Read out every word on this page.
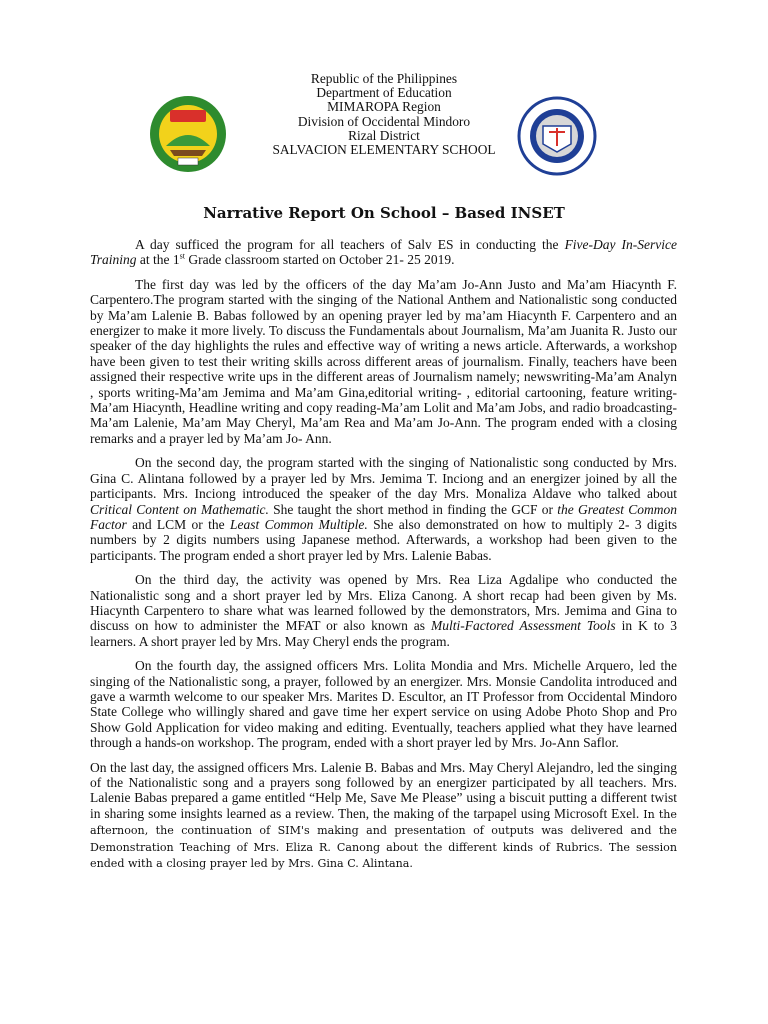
Republic of the Philippines
Department of Education
MIMAROPA Region
Division of Occidental Mindoro
Rizal District
SALVACION ELEMENTARY SCHOOL
Narrative Report On School – Based INSET

A day sufficed the program for all teachers of Salv ES in conducting the Five-Day In-Service Training at the 1st Grade classroom started on October 21- 25 2019.

The first day was led by the officers of the day Ma’am Jo-Ann Justo and Ma’am Hiacynth F. Carpentero.The program started with the singing of the National Anthem and Nationalistic song conducted by Ma’am Lalenie B. Babas followed by an opening prayer led by ma’am Hiacynth F. Carpentero and an energizer to make it more lively. To discuss the Fundamentals about Journalism, Ma’am Juanita R. Justo our speaker of the day highlights the rules and effective way of writing a news article. Afterwards, a workshop have been given to test their writing skills across different areas of journalism. Finally, teachers have been assigned their respective write ups in the different areas of Journalism namely; newswriting-Ma’am Analyn , sports writing-Ma’am Jemima and Ma’am Gina,editorial writing- , editorial cartooning, feature writing- Ma’am Hiacynth, Headline writing and copy reading-Ma’am Lolit and Ma’am Jobs, and radio broadcasting-Ma’am Lalenie, Ma’am May Cheryl, Ma’am Rea and Ma’am Jo-Ann. The program ended with a closing remarks and a prayer led by Ma’am Jo- Ann.

On the second day, the program started with the singing of Nationalistic song conducted by Mrs. Gina C. Alintana followed by a prayer led by Mrs. Jemima T. Inciong and an energizer joined by all the participants. Mrs. Inciong introduced the speaker of the day Mrs. Monaliza Aldave who talked about Critical Content on Mathematic. She taught the short method in finding the GCF or the Greatest Common Factor and LCM or the Least Common Multiple. She also demonstrated on how to multiply 2- 3 digits numbers by 2 digits numbers using Japanese method. Afterwards, a workshop had been given to the participants. The program ended a short prayer led by Mrs. Lalenie Babas.

On the third day, the activity was opened by Mrs. Rea Liza Agdalipe who conducted the Nationalistic song and a short prayer led by Mrs. Eliza Canong. A short recap had been given by Ms. Hiacynth Carpentero to share what was learned followed by the demonstrators, Mrs. Jemima and Gina to discuss on how to administer the MFAT or also known as Multi-Factored Assessment Tools in K to 3 learners. A short prayer led by Mrs. May Cheryl ends the program.

On the fourth day, the assigned officers Mrs. Lolita Mondia and Mrs. Michelle Arquero, led the singing of the Nationalistic song, a prayer, followed by an energizer. Mrs. Monsie Candolita introduced and gave a warmth welcome to our speaker Mrs. Marites D. Escultor, an IT Professor from Occidental Mindoro State College who willingly shared and gave time her expert service on using Adobe Photo Shop and Pro Show Gold Application for video making and editing. Eventually, teachers applied what they have learned through a hands-on workshop. The program, ended with a short prayer led by Mrs. Jo-Ann Saflor.

On the last day, the assigned officers Mrs. Lalenie B. Babas and Mrs. May Cheryl Alejandro, led the singing of the Nationalistic song and a prayers song followed by an energizer participated by all teachers. Mrs. Lalenie Babas prepared a game entitled “Help Me, Save Me Please” using a biscuit putting a different twist in sharing some insights learned as a review. Then, the making of the tarpapel using Microsoft Exel. In the afternoon, the continuation of SIM's making and presentation of outputs was delivered and the Demonstration Teaching of Mrs. Eliza R. Canong about the different kinds of Rubrics. The session ended with a closing prayer led by Mrs. Gina C. Alintana.
